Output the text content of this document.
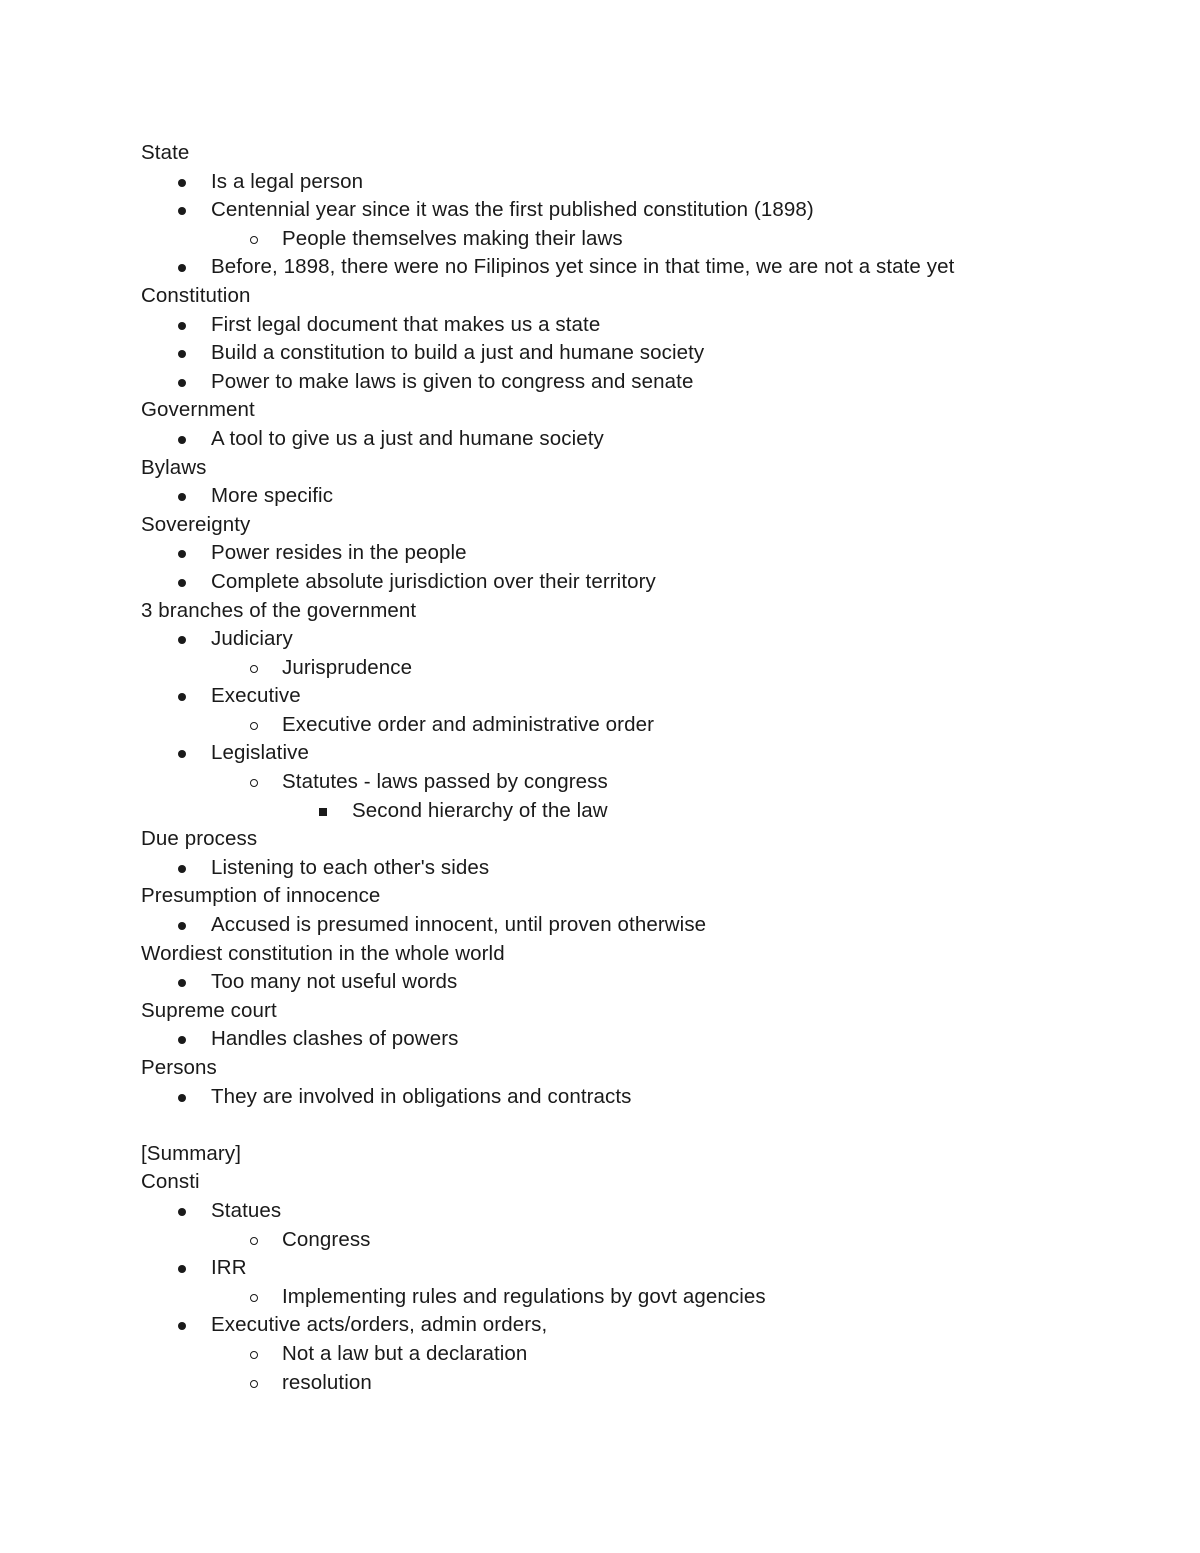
State
Is a legal person
Centennial year since it was the first published constitution (1898)
People themselves making their laws
Before, 1898, there were no Filipinos yet since in that time, we are not a state yet
Constitution
First legal document that makes us a state
Build a constitution to build a just and humane society
Power to make laws is given to congress and senate
Government
A tool to give us a just and humane society
Bylaws
More specific
Sovereignty
Power resides in the people
Complete absolute jurisdiction over their territory
3 branches of the government
Judiciary
Jurisprudence
Executive
Executive order and administrative order
Legislative
Statutes - laws passed by congress
Second hierarchy of the law
Due process
Listening to each other's sides
Presumption of innocence
Accused is presumed innocent, until proven otherwise
Wordiest constitution in the whole world
Too many not useful words
Supreme court
Handles clashes of powers
Persons
They are involved in obligations and contracts
[Summary]
Consti
Statues
Congress
IRR
Implementing rules and regulations by govt agencies
Executive acts/orders, admin orders,
Not a law but a declaration
resolution
